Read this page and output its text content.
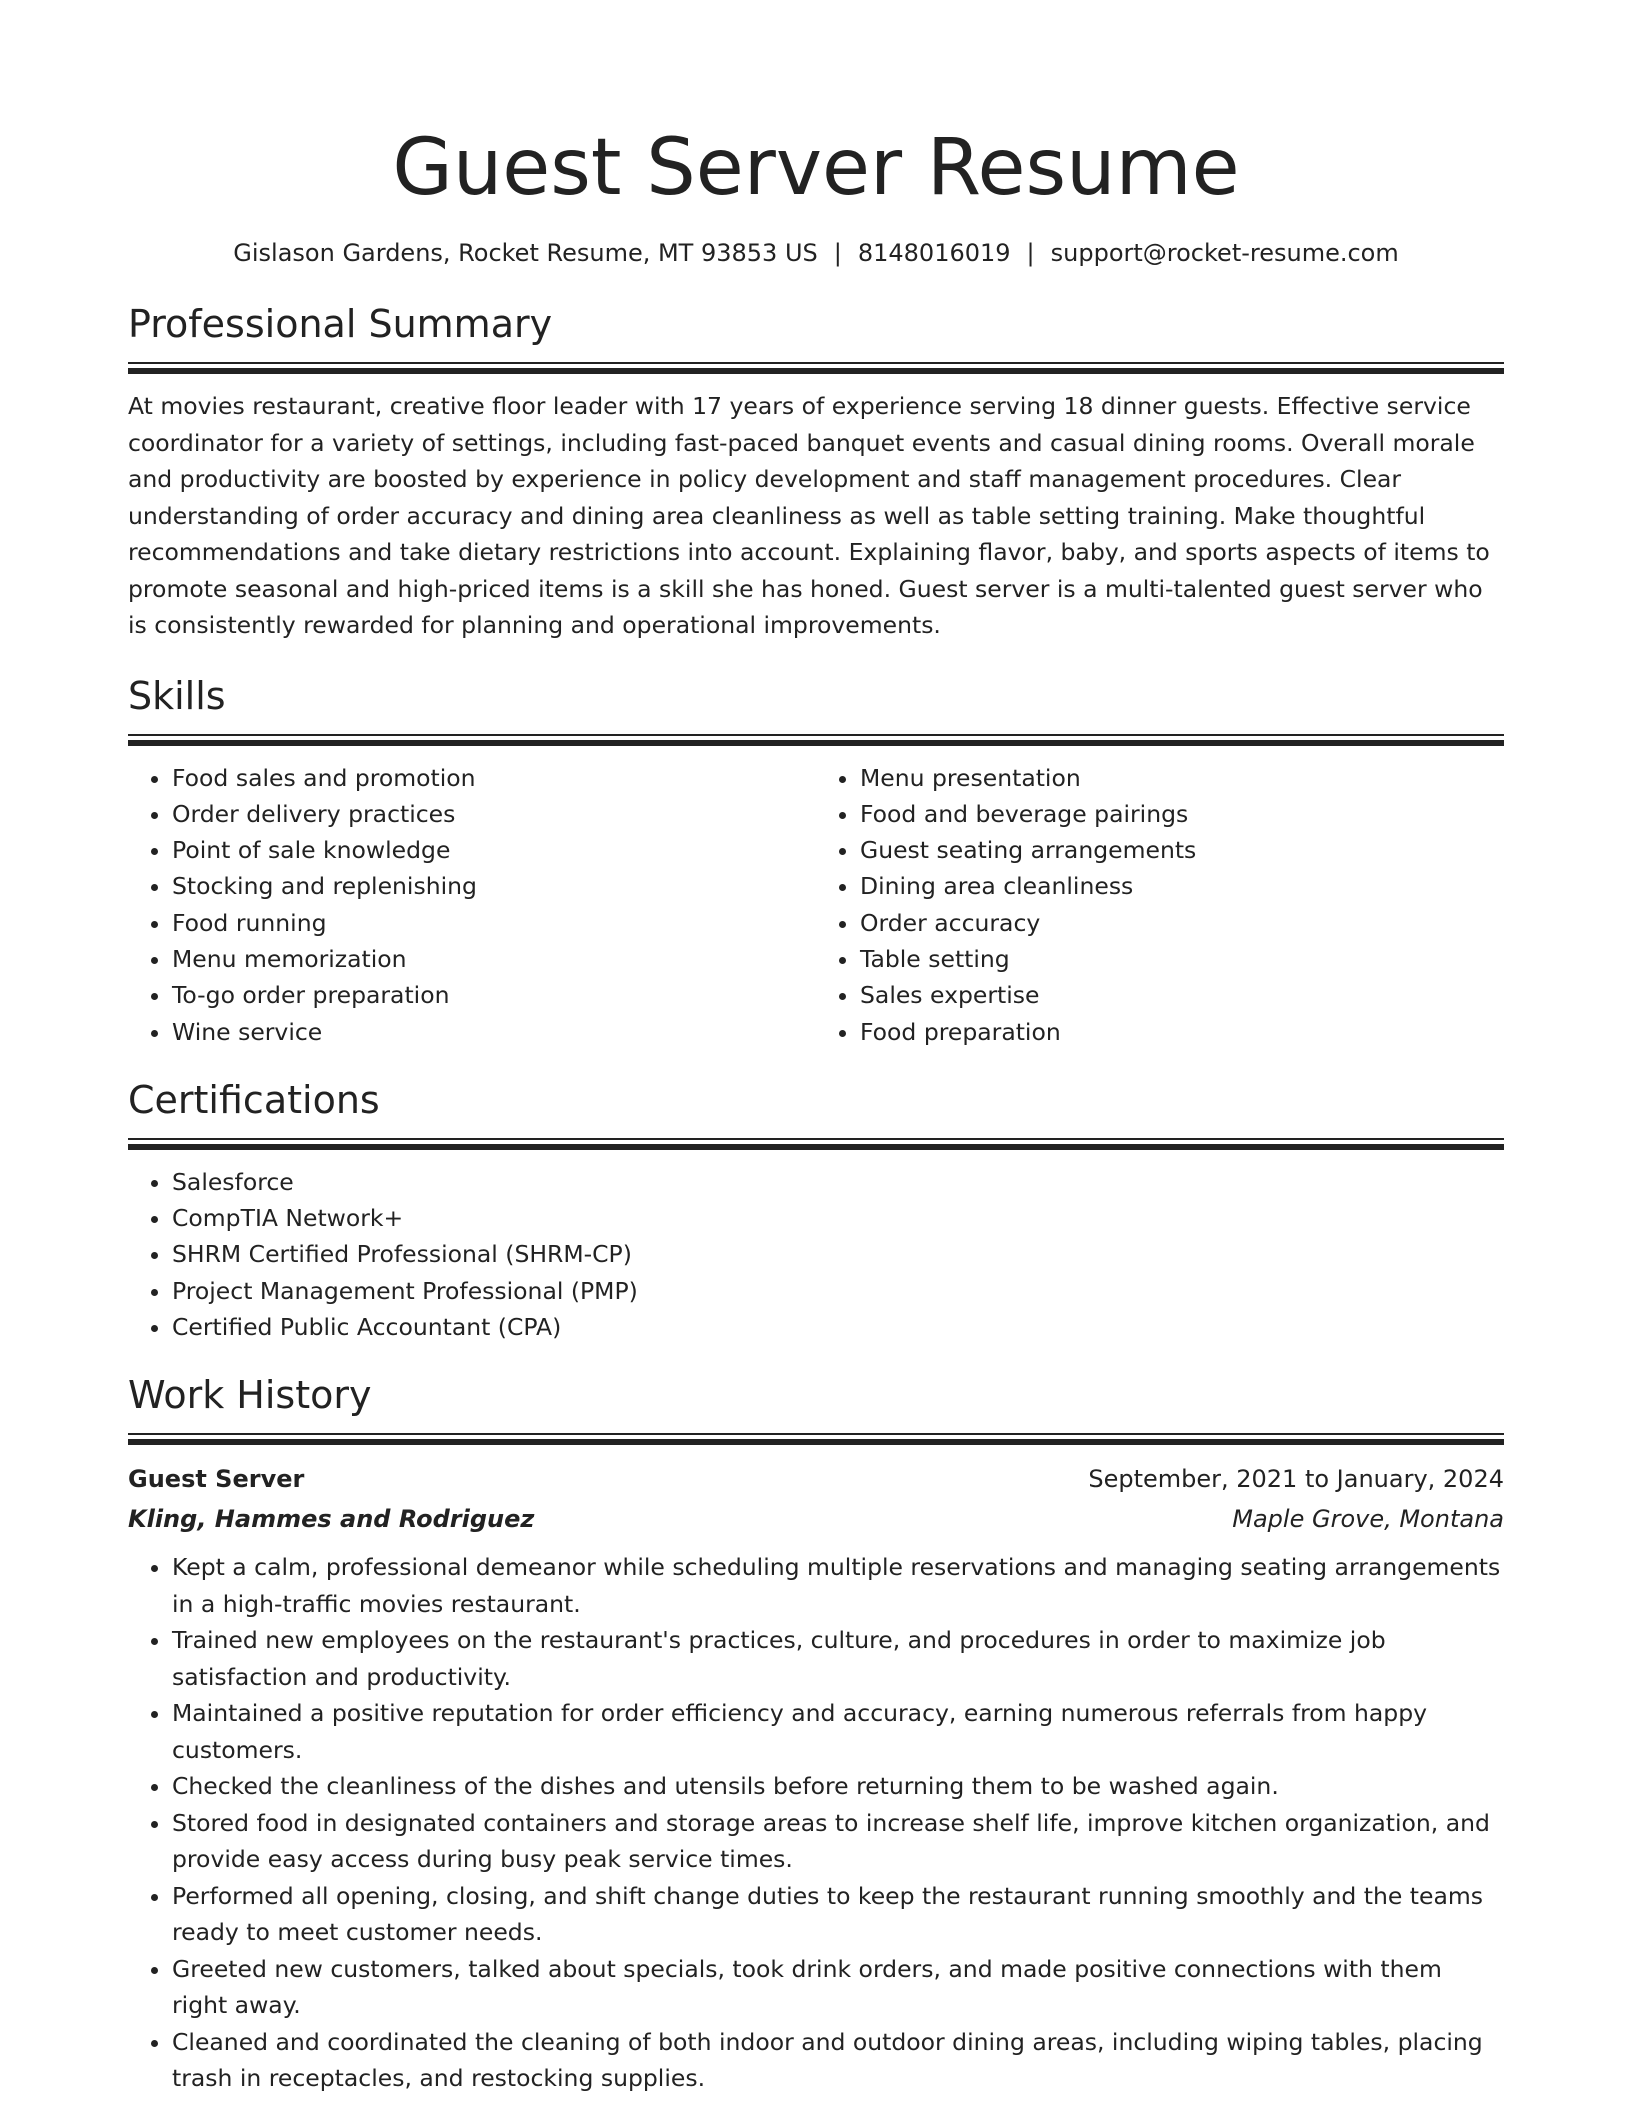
Guest Server Resume
Gislason Gardens, Rocket Resume, MT 93853 US | 8148016019 | support@rocket-resume.com
Professional Summary

At movies restaurant, creative floor leader with 17 years of experience serving 18 dinner guests. Effective service coordinator for a variety of settings, including fast-paced banquet events and casual dining rooms. Overall morale and productivity are boosted by experience in policy development and staff management procedures. Clear understanding of order accuracy and dining area cleanliness as well as table setting training. Make thoughtful recommendations and take dietary restrictions into account. Explaining flavor, baby, and sports aspects of items to promote seasonal and high-priced items is a skill she has honed. Guest server is a multi-talented guest server who is consistently rewarded for planning and operational improvements.

Skills
• Food sales and promotion
• Order delivery practices
• Point of sale knowledge
• Stocking and replenishing
• Food running
• Menu memorization
• To-go order preparation
• Wine service
• Menu presentation
• Food and beverage pairings
• Guest seating arrangements
• Dining area cleanliness
• Order accuracy
• Table setting
• Sales expertise
• Food preparation
Certifications
• Salesforce
• CompTIA Network+
• SHRM Certified Professional (SHRM-CP)
• Project Management Professional (PMP)
• Certified Public Accountant (CPA)
Work History
Guest Server	September, 2021 to January, 2024
Kling, Hammes and Rodriguez	Maple Grove, Montana
• Kept a calm, professional demeanor while scheduling multiple reservations and managing seating arrangements in a high-traffic movies restaurant.
• Trained new employees on the restaurant's practices, culture, and procedures in order to maximize job satisfaction and productivity.
• Maintained a positive reputation for order efficiency and accuracy, earning numerous referrals from happy customers.
• Checked the cleanliness of the dishes and utensils before returning them to be washed again.
• Stored food in designated containers and storage areas to increase shelf life, improve kitchen organization, and provide easy access during busy peak service times.
• Performed all opening, closing, and shift change duties to keep the restaurant running smoothly and the teams ready to meet customer needs.
• Greeted new customers, talked about specials, took drink orders, and made positive connections with them right away.
• Cleaned and coordinated the cleaning of both indoor and outdoor dining areas, including wiping tables, placing trash in receptacles, and restocking supplies.
